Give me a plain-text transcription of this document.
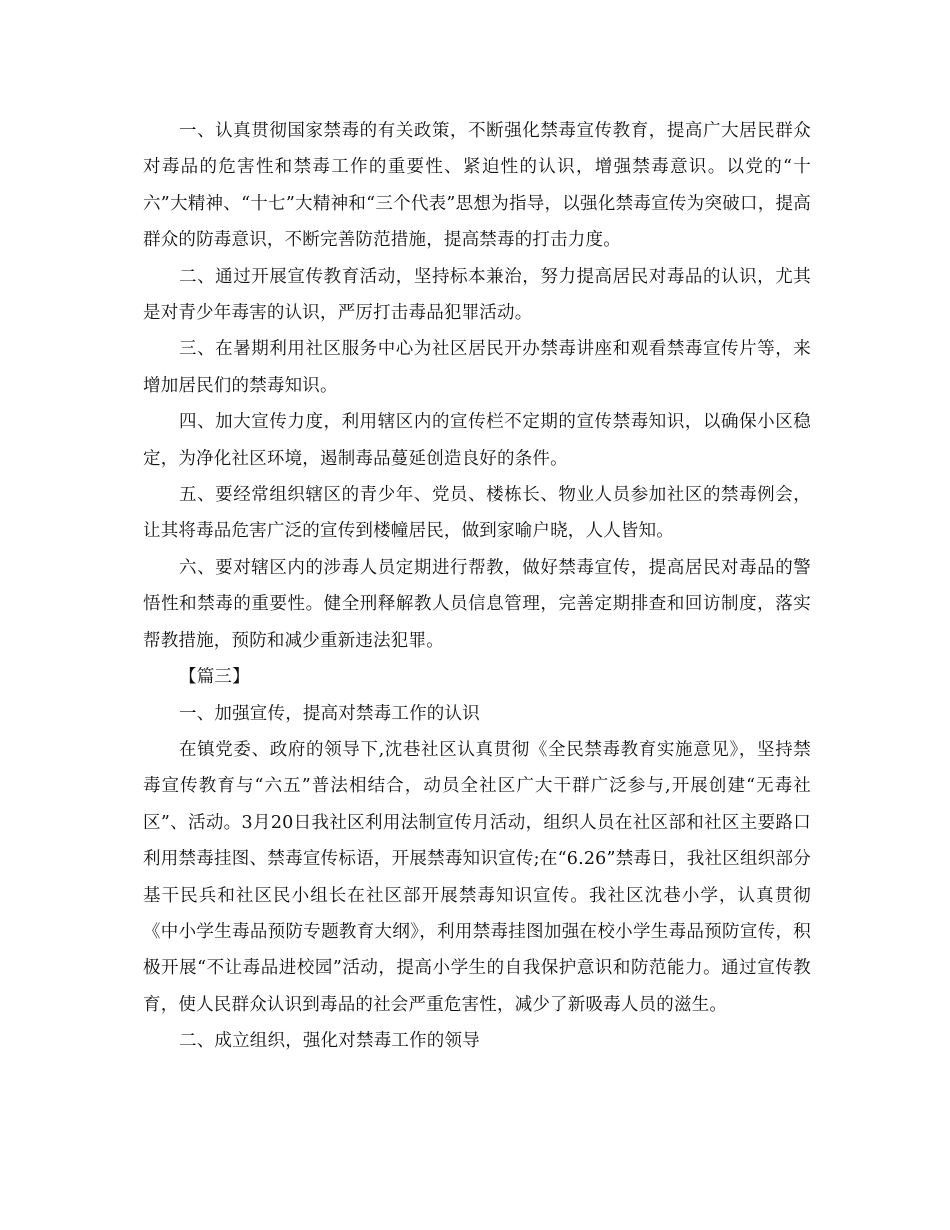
一、认真贯彻国家禁毒的有关政策，不断强化禁毒宣传教育，提高广大居民群众对毒品的危害性和禁毒工作的重要性、紧迫性的认识，增强禁毒意识。以党的“十六”大精神、“十七”大精神和“三个代表”思想为指导，以强化禁毒宣传为突破口，提高群众的防毒意识，不断完善防范措施，提高禁毒的打击力度。

二、通过开展宣传教育活动，坚持标本兼治，努力提高居民对毒品的认识，尤其是对青少年毒害的认识，严厉打击毒品犯罪活动。

三、在暑期利用社区服务中心为社区居民开办禁毒讲座和观看禁毒宣传片等，来增加居民们的禁毒知识。

四、加大宣传力度，利用辖区内的宣传栏不定期的宣传禁毒知识，以确保小区稳定，为净化社区环境，遏制毒品蔓延创造良好的条件。

五、要经常组织辖区的青少年、党员、楼栋长、物业人员参加社区的禁毒例会，让其将毒品危害广泛的宣传到楼幢居民，做到家喻户晓，人人皆知。

六、要对辖区内的涉毒人员定期进行帮教，做好禁毒宣传，提高居民对毒品的警悟性和禁毒的重要性。健全刑释解教人员信息管理，完善定期排查和回访制度，落实帮教措施，预防和减少重新违法犯罪。

【篇三】

一、加强宣传，提高对禁毒工作的认识

在镇党委、政府的领导下,沈巷社区认真贯彻《全民禁毒教育实施意见》，坚持禁毒宣传教育与“六五”普法相结合，动员全社区广大干群广泛参与,开展创建“无毒社区”、活动。3月20日我社区利用法制宣传月活动，组织人员在社区部和社区主要路口利用禁毒挂图、禁毒宣传标语，开展禁毒知识宣传;在“6.26”禁毒日，我社区组织部分基干民兵和社区民小组长在社区部开展禁毒知识宣传。我社区沈巷小学，认真贯彻《中小学生毒品预防专题教育大纲》，利用禁毒挂图加强在校小学生毒品预防宣传，积极开展“不让毒品进校园”活动，提高小学生的自我保护意识和防范能力。通过宣传教育，使人民群众认识到毒品的社会严重危害性，减少了新吸毒人员的滋生。

二、成立组织，强化对禁毒工作的领导
